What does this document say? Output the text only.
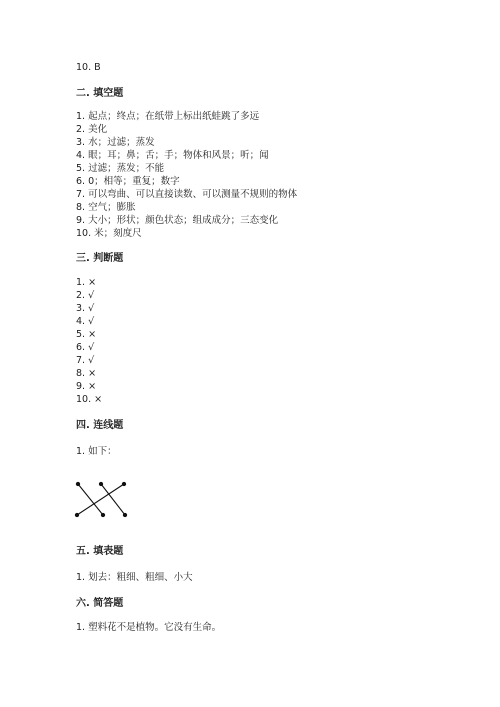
10. B
二. 填空题
1. 起点；终点；在纸带上标出纸蛙跳了多远
2. 美化
3. 水；过滤；蒸发
4. 眼；耳；鼻；舌；手；物体和风景；听；闻
5. 过滤；蒸发；不能
6. 0；相等；重复；数字
7. 可以弯曲、可以直接读数、可以测量不规则的物体
8. 空气；膨胀
9. 大小；形状；颜色状态；组成成分；三态变化
10. 米；刻度尺
三. 判断题
1. ×
2. √
3. √
4. √
5. ×
6. √
7. √
8. ×
9. ×
10. ×
四. 连线题
1. 如下：
五. 填表题
1. 划去：粗细、粗细、小大
六. 简答题
1. 塑料花不是植物。它没有生命。
